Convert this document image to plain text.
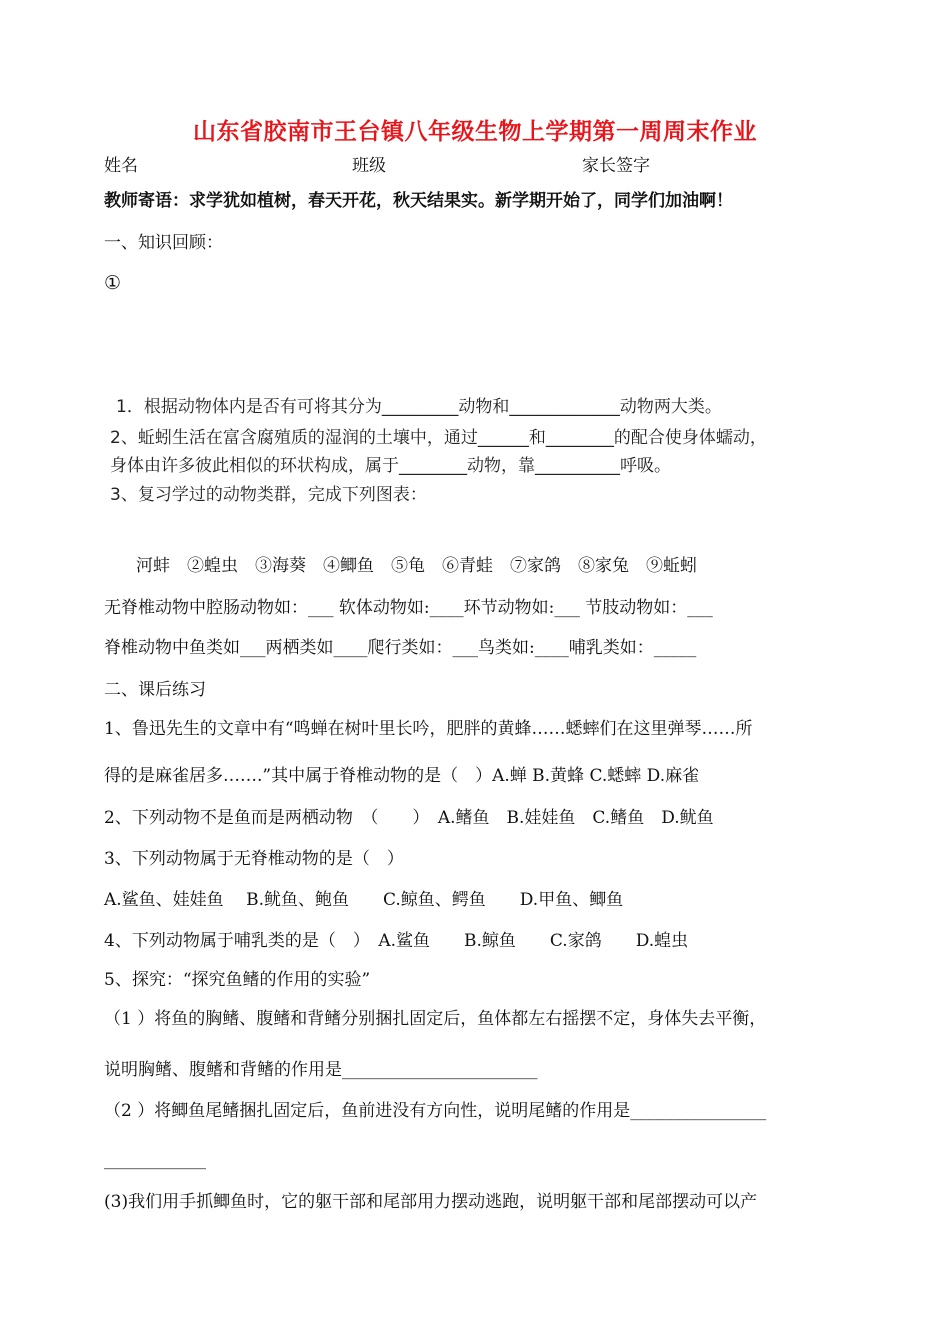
山东省胶南市王台镇八年级生物上学期第一周周末作业
姓名	班级	家长签字
教师寄语：求学犹如植树，春天开花，秋天结果实。新学期开始了，同学们加油啊！
一、知识回顾：
①
1．根据动物体内是否有可将其分为_________动物和_____________动物两大类。
2、蚯蚓生活在富含腐殖质的湿润的土壤中，通过______和________的配合使身体蠕动，
身体由许多彼此相似的环状构成，属于________动物，靠__________呼吸。
3、复习学过的动物类群，完成下列图表：
河蚌　②蝗虫　③海葵　④鲫鱼　⑤龟　⑥青蛙　⑦家鸽　⑧家兔　⑨蚯蚓
无脊椎动物中腔肠动物如：___ 软体动物如:____环节动物如:___ 节肢动物如：___
脊椎动物中鱼类如___两栖类如____爬行类如：___鸟类如:____哺乳类如：_____
二、课后练习
1、鲁迅先生的文章中有“鸣蝉在树叶里长吟，肥胖的黄蜂……蟋蟀们在这里弹琴……所
得的是麻雀居多…….”其中属于脊椎动物的是（　）A.蝉 B.黄蜂 C.蟋蟀 D.麻雀
2、下列动物不是鱼而是两栖动物　（　　）　A.鳍鱼　B.娃娃鱼　C.鳍鱼　D.鱿鱼
3、下列动物属于无脊椎动物的是（　）
A.鲨鱼、娃娃鱼　 B.鱿鱼、鲍鱼　　C.鲸鱼、鳄鱼　　D.甲鱼、鲫鱼
4、下列动物属于哺乳类的是（　）　A.鲨鱼　　B.鲸鱼　　C.家鸽　　D.蝗虫
5、探究：“探究鱼鳍的作用的实验”
（1 ）将鱼的胸鳍、腹鳍和背鳍分别捆扎固定后，鱼体都左右摇摆不定，身体失去平衡，
说明胸鳍、腹鳍和背鳍的作用是_______________________
（2 ）将鲫鱼尾鳍捆扎固定后，鱼前进没有方向性，说明尾鳍的作用是________________
____________
(3)我们用手抓鲫鱼时，它的躯干部和尾部用力摆动逃跑，说明躯干部和尾部摆动可以产
